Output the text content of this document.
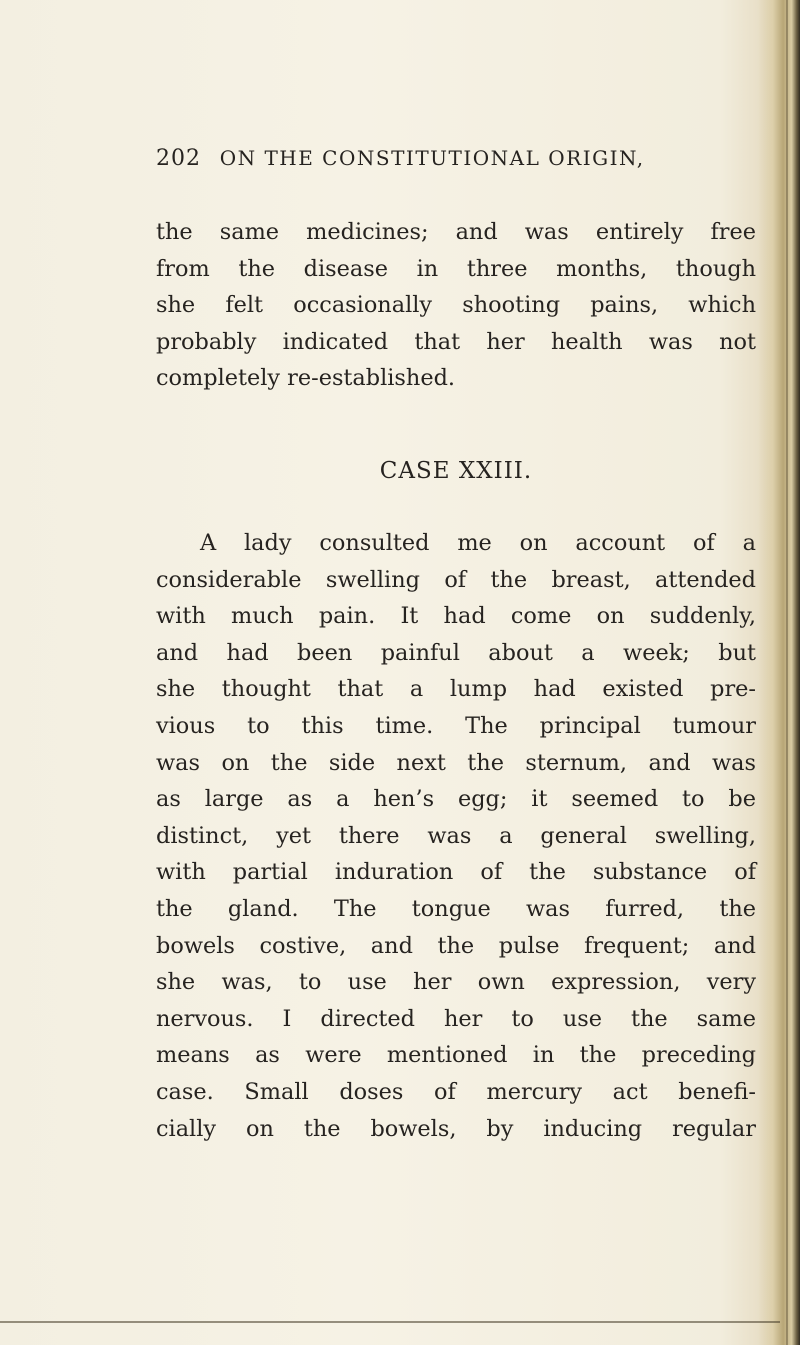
202 ON THE CONSTITUTIONAL ORIGIN,
the same medicines; and was entirely free
from the disease in three months, though
she felt occasionally shooting pains, which
probably indicated that her health was not
completely re-established.
CASE XXIII.
A lady consulted me on account of a
considerable swelling of the breast, attended
with much pain. It had come on suddenly,
and had been painful about a week; but
she thought that a lump had existed pre-
vious to this time. The principal tumour
was on the side next the sternum, and was
as large as a hen’s egg; it seemed to be
distinct, yet there was a general swelling,
with partial induration of the substance of
the gland. The tongue was furred, the
bowels costive, and the pulse frequent; and
she was, to use her own expression, very
nervous. I directed her to use the same
means as were mentioned in the preceding
case. Small doses of mercury act benefi-
cially on the bowels, by inducing regular
